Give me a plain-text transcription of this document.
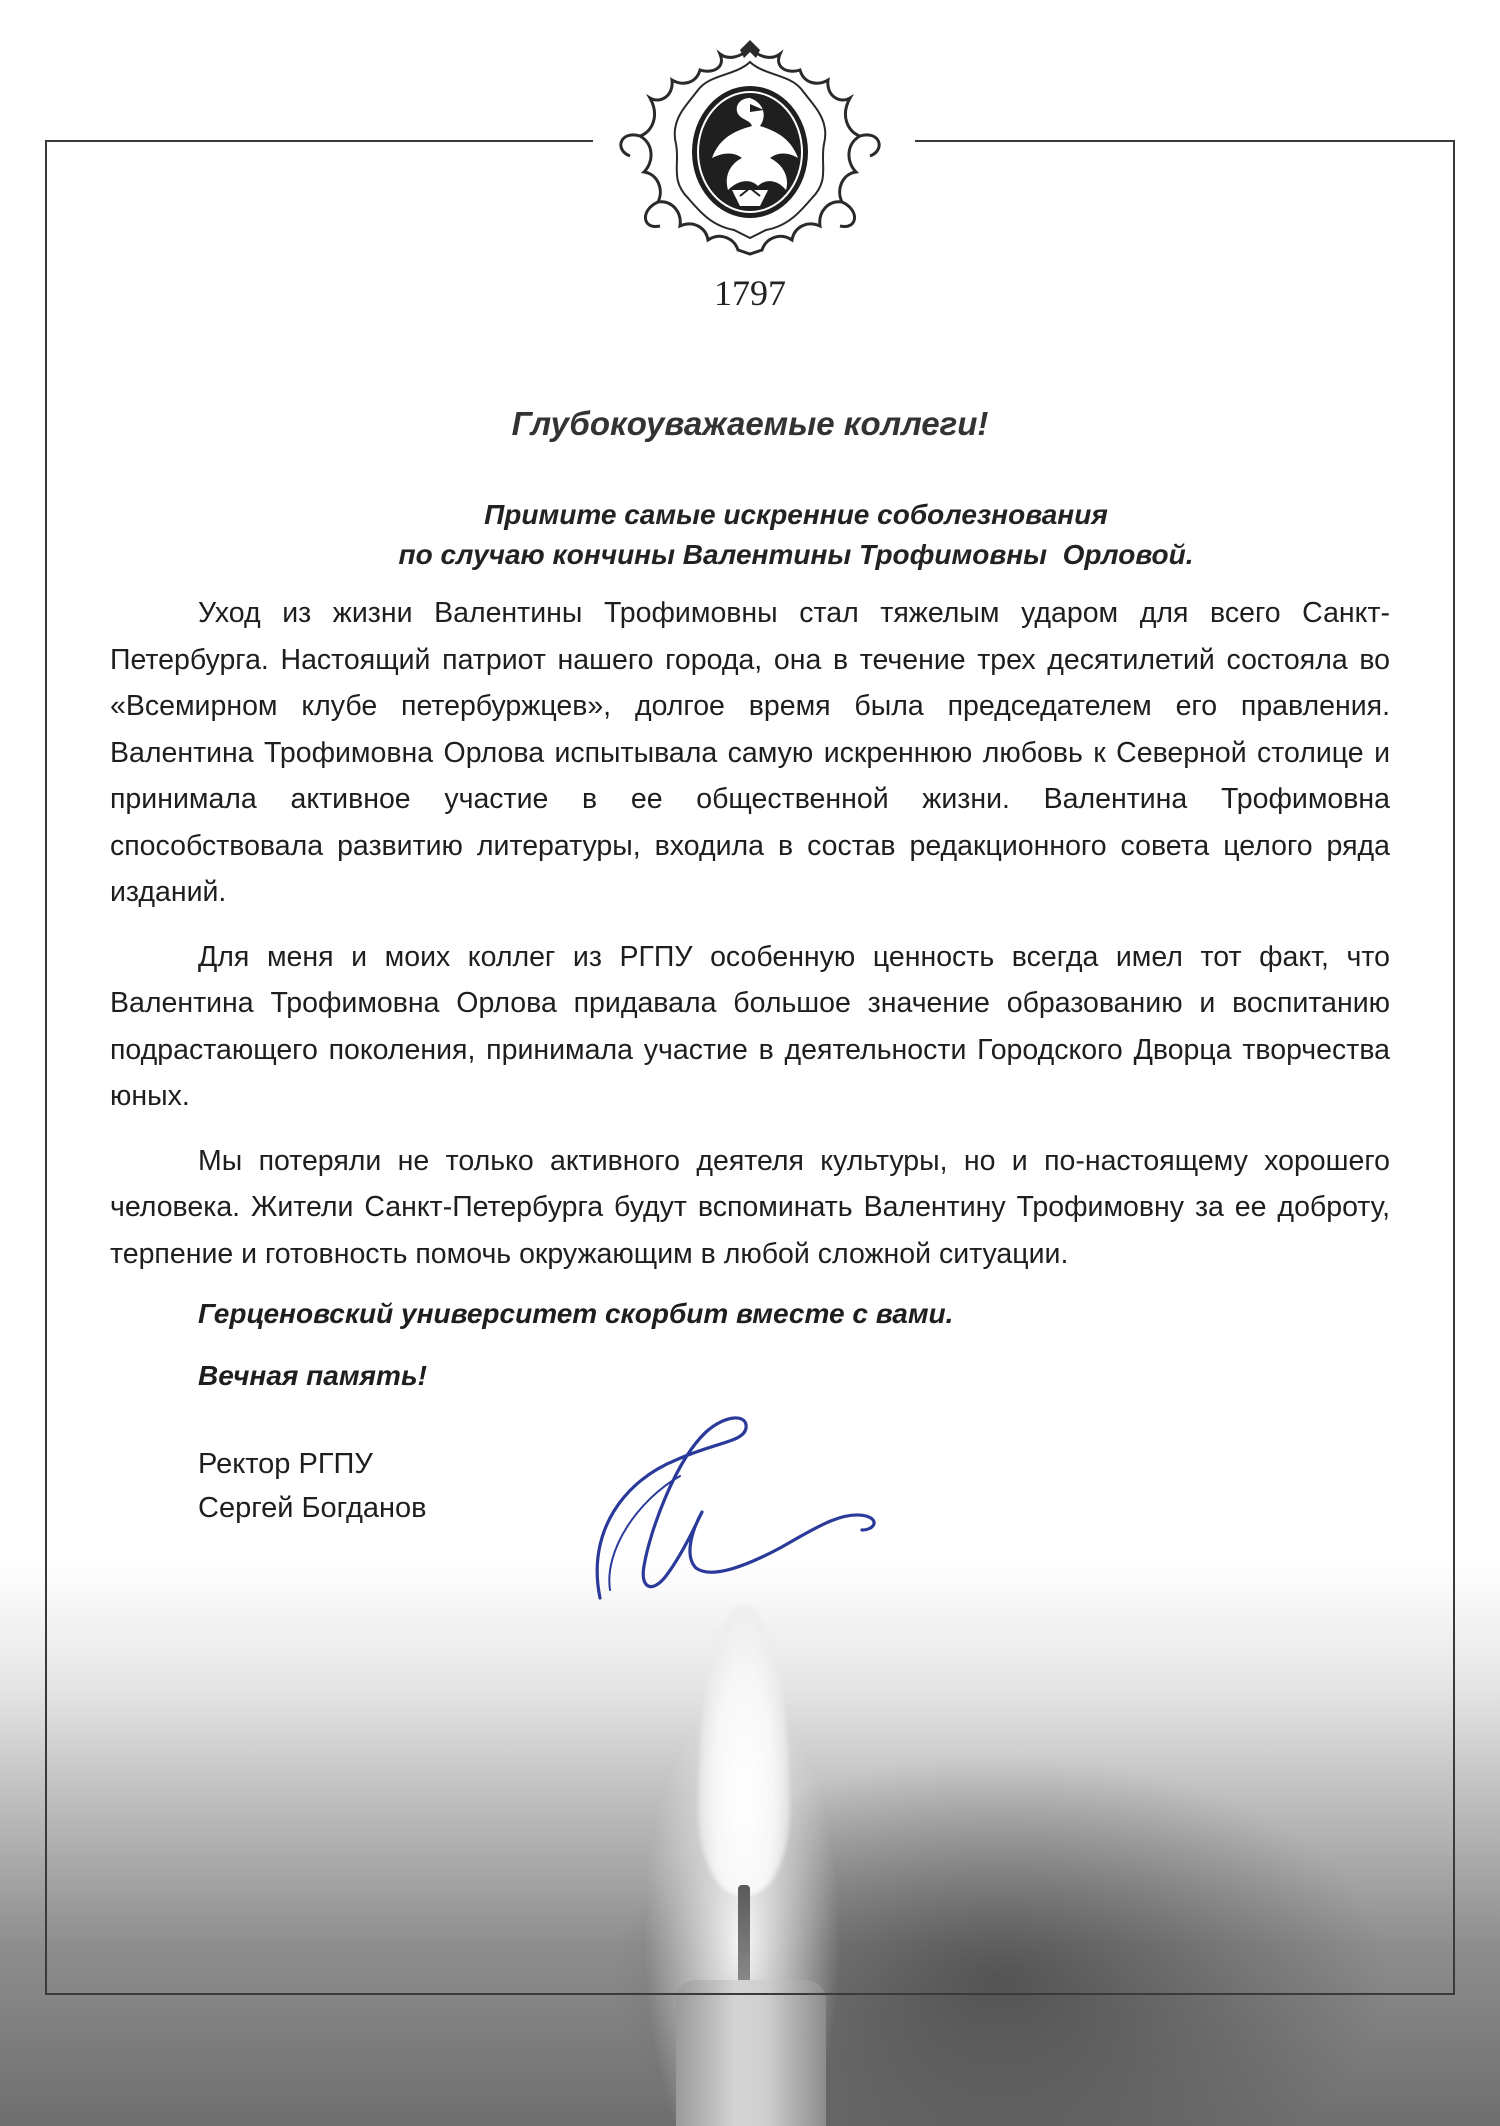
1797
Глубокоуважаемые коллеги!
Примите самые искренние соболезнования
по случаю кончины Валентины Трофимовны  Орловой.

Уход из жизни Валентины Трофимовны стал тяжелым ударом для всего Санкт-Петербурга. Настоящий патриот нашего города, она в течение трех десятилетий состояла во «Всемирном клубе петербуржцев», долгое время была председателем его правления. Валентина Трофимовна Орлова испытывала самую искреннюю любовь к Северной столице и принимала активное участие в ее общественной жизни. Валентина Трофимовна способствовала развитию литературы, входила в состав редакционного совета целого ряда изданий.

Для меня и моих коллег из РГПУ особенную ценность всегда имел тот факт, что Валентина Трофимовна Орлова придавала большое значение образованию и воспитанию подрастающего поколения, принимала участие в деятельности Городского Дворца творчества юных.

Мы потеряли не только активного деятеля культуры, но и по-настоящему хорошего человека. Жители Санкт-Петербурга будут вспоминать Валентину Трофимовну за ее доброту, терпение и готовность помочь окружающим в любой сложной ситуации.

Герценовский университет скорбит вместе с вами.
Вечная память!
Ректор РГПУ
Сергей Богданов
